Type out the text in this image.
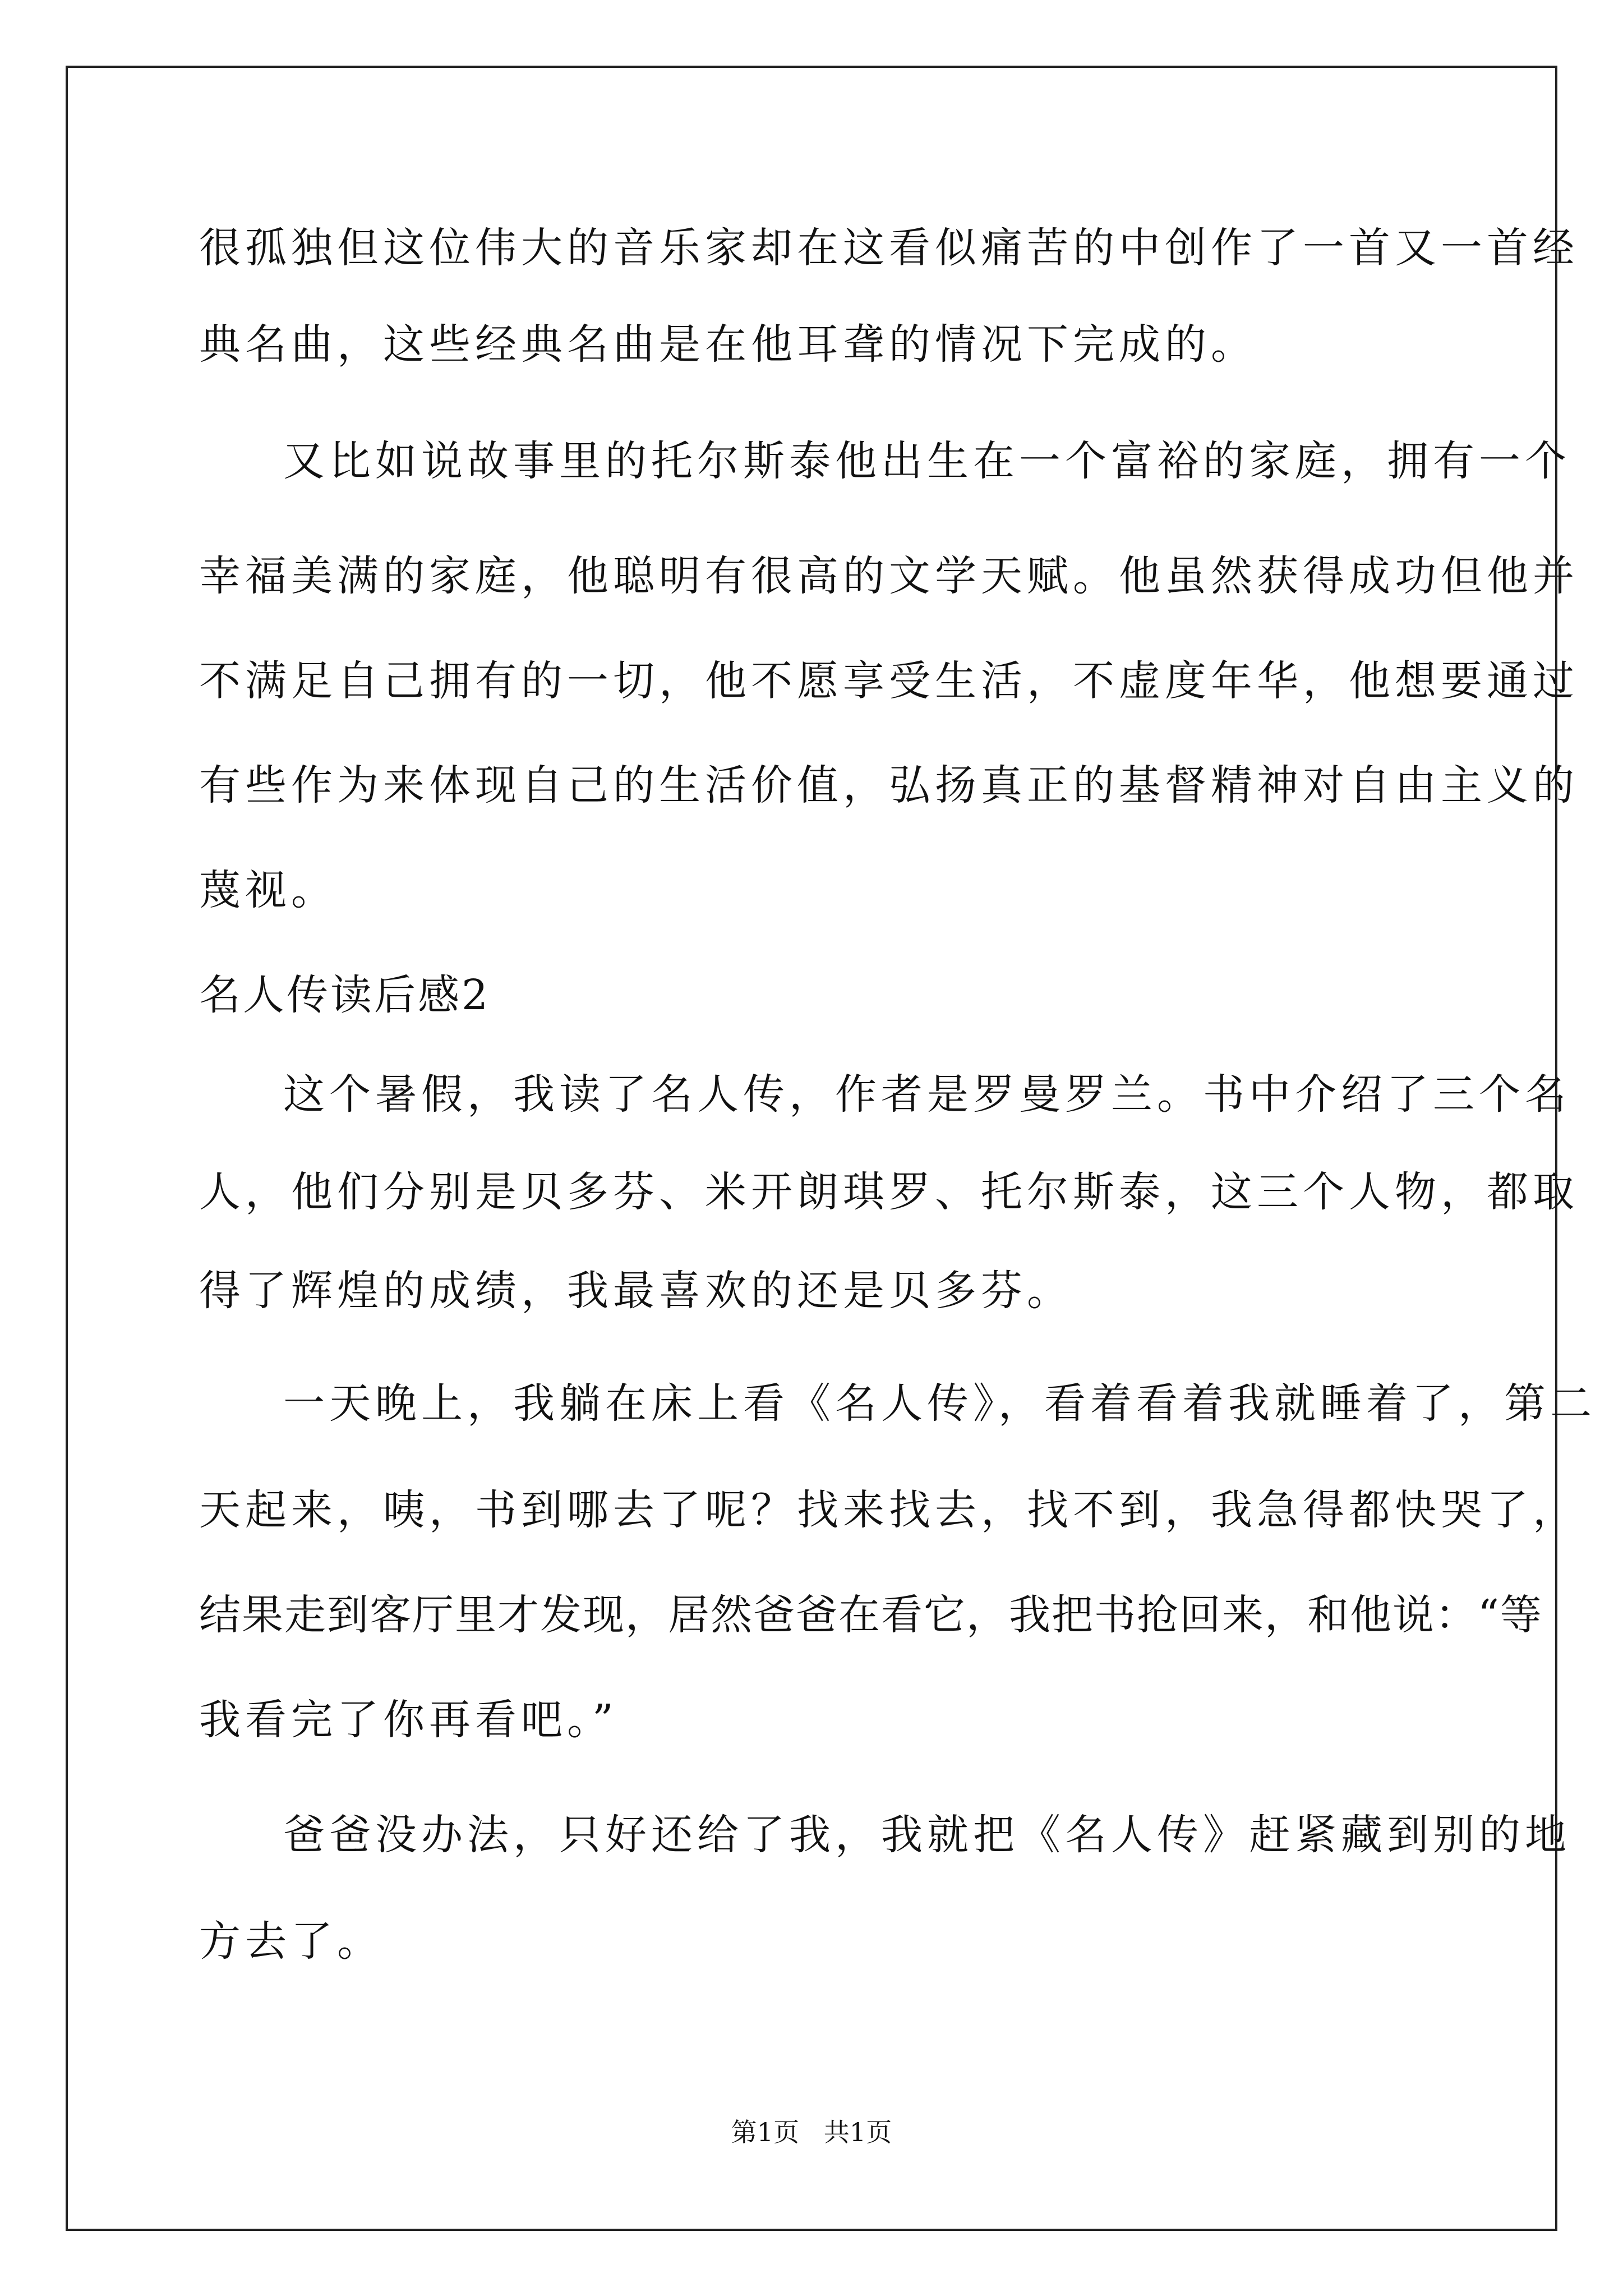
很孤独但这位伟大的音乐家却在这看似痛苦的中创作了一首又一首经

典名曲，这些经典名曲是在他耳聋的情况下完成的。

又比如说故事里的托尔斯泰他出生在一个富裕的家庭，拥有一个

幸福美满的家庭，他聪明有很高的文学天赋。他虽然获得成功但他并

不满足自己拥有的一切，他不愿享受生活，不虚度年华，他想要通过

有些作为来体现自己的生活价值，弘扬真正的基督精神对自由主义的

蔑视。

名人传读后感2

这个暑假，我读了名人传，作者是罗曼罗兰。书中介绍了三个名

人，他们分别是贝多芬、米开朗琪罗、托尔斯泰，这三个人物，都取

得了辉煌的成绩，我最喜欢的还是贝多芬。

一天晚上，我躺在床上看《名人传》，看着看着我就睡着了，第二

天起来，咦，书到哪去了呢？找来找去，找不到，我急得都快哭了，

结果走到客厅里才发现，居然爸爸在看它，我把书抢回来，和他说：“等

我看完了你再看吧。”

爸爸没办法，只好还给了我，我就把《名人传》赶紧藏到别的地

方去了。

第1页   共1页
